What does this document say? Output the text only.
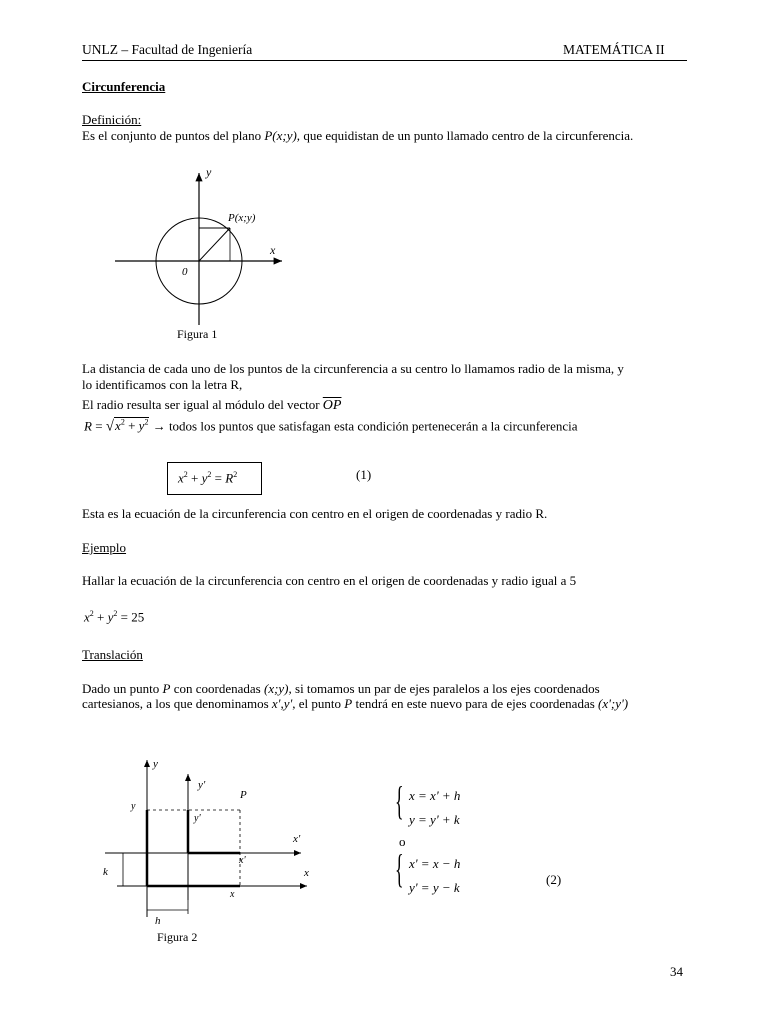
UNLZ – Facultad de Ingeniería	MATEMÁTICA II
Circunferencia
Definición:
Es el conjunto de puntos del plano P(x;y), que equidistan de un punto llamado centro de la circunferencia.
y
x
P(x;y)
0
Figura 1
La distancia de cada uno de los puntos de la circunferencia a su centro lo llamamos radio de la misma, y
lo identificamos con la letra R,
El radio resulta ser igual al módulo del vector $\overline{OP}$
$R = √x^2 + y^2$ → todos los puntos que satisfagan esta condición pertenecerán a la circunferencia
$x^2 + y^2 = R^2$	(1)
Esta es la ecuación de la circunferencia con centro en el origen de coordenadas y radio R.
Ejemplo
Hallar la ecuación de la circunferencia con centro en el origen de coordenadas y radio igual a 5
$x^2 + y^2 = 25$
Translación
Dado un punto P con coordenadas (x;y), si tomamos un par de ejes paralelos a los ejes coordenados
cartesianos, a los que denominamos x',y', el punto P tendrá en este nuevo para de ejes coordenadas (x';y')
y
y'
P
x'
x
k
h
y
y'
x'
x
Figura 2
{ x = x' + h
y = y' + k
o
{ x' = x − h
y' = y − k
(2)
34
